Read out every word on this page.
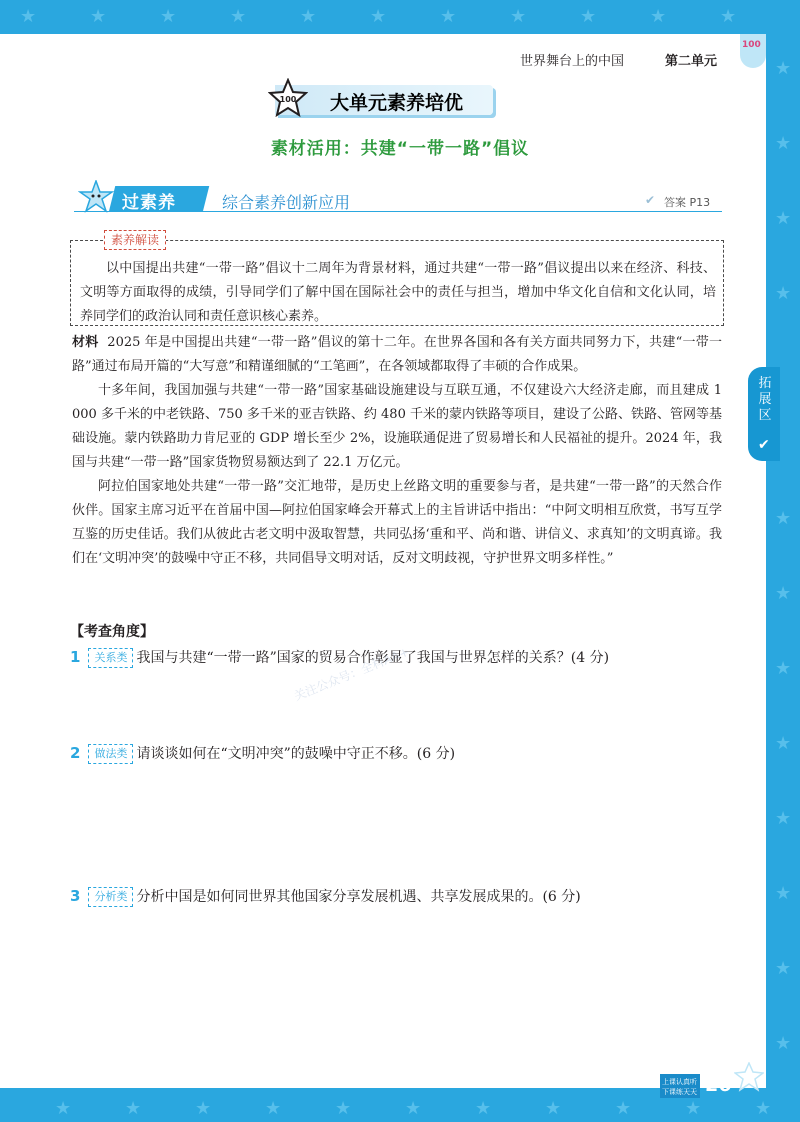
★
★
★
★
★
★
★
★
★
★
★
★
★
★
★
★
★
★
★
★
★
★
★
★
★
★
★
★
★
★
★
★
★
★
世界舞台上的中国	第二单元
100
100 大单元素养培优
素材活用：共建“一带一路”倡议
过素养	综合素养创新应用	✔ 答案 P13
素养解读
以中国提出共建“一带一路”倡议十二周年为背景材料，通过共建“一带一路”倡议提出以来在经济、科技、文明等方面取得的成绩，引导同学们了解中国在国际社会中的责任与担当，增加中华文化自信和文化认同，培养同学们的政治认同和责任意识核心素养。

材料 2025 年是中国提出共建“一带一路”倡议的第十二年。在世界各国和各有关方面共同努力下，共建“一带一路”通过布局开篇的“大写意”和精谨细腻的“工笔画”，在各领域都取得了丰硕的合作成果。

十多年间，我国加强与共建“一带一路”国家基础设施建设与互联互通，不仅建设六大经济走廊，而且建成 1 000 多千米的中老铁路、750 多千米的亚吉铁路、约 480 千米的蒙内铁路等项目，建设了公路、铁路、管网等基础设施。蒙内铁路助力肯尼亚的 GDP 增长至少 2%，设施联通促进了贸易增长和人民福祉的提升。2024 年，我国与共建“一带一路”国家货物贸易额达到了 22.1 万亿元。

阿拉伯国家地处共建“一带一路”交汇地带，是历史上丝路文明的重要参与者，是共建“一带一路”的天然合作伙伴。国家主席习近平在首届中国—阿拉伯国家峰会开幕式上的主旨讲话中指出：“中阿文明相互欣赏，书写互学互鉴的历史佳话。我们从彼此古老文明中汲取智慧，共同弘扬‘重和平、尚和谐、讲信义、求真知’的文明真谛。我们在‘文明冲突’的鼓噪中守正不移，共同倡导文明对话，反对文明歧视，守护世界文明多样性。”

关注公众号：全科AA+
【考查角度】
1 关系类 我国与共建“一带一路”国家的贸易合作彰显了我国与世界怎样的关系？(4 分)
2 做法类 请谈谈如何在“文明冲突”的鼓噪中守正不移。(6 分)
3 分析类 分析中国是如何同世界其他国家分享发展机遇、共享发展成果的。(6 分)
拓展区
✔
上课认真听
下课练天天 26
